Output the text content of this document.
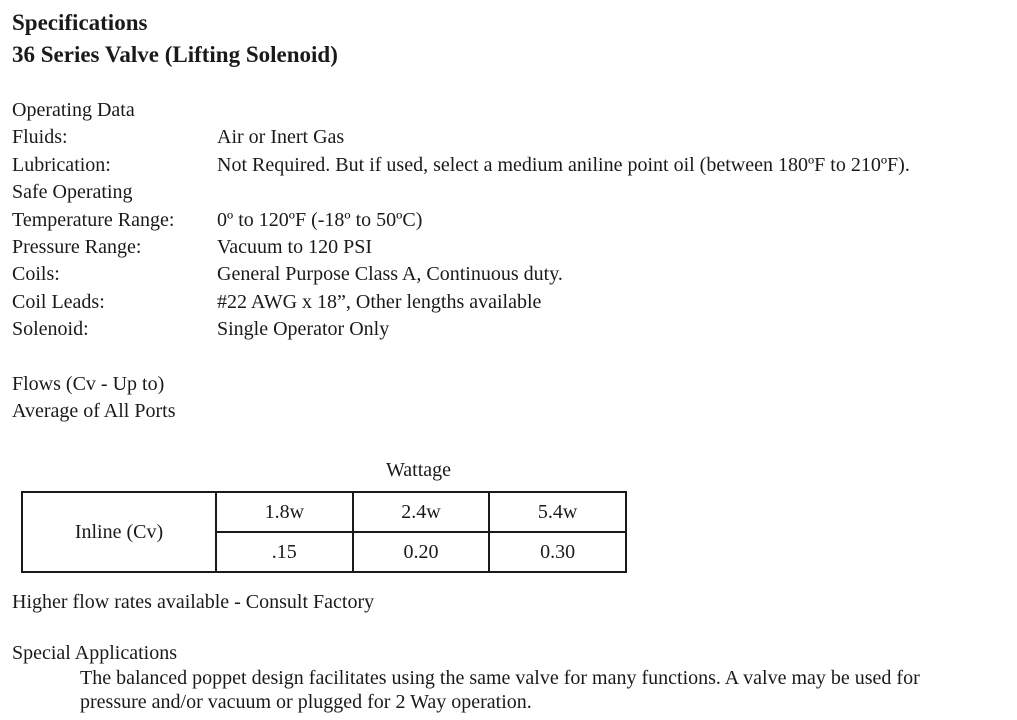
Specifications
36 Series Valve (Lifting Solenoid)
Operating Data
Fluids:	Air or Inert Gas
Lubrication:	Not Required. But if used, select a medium aniline point oil (between 180ºF to 210ºF).
Safe Operating
Temperature Range: 0º to 120ºF (-18º to 50ºC)
Pressure Range:	Vacuum to 120 PSI
Coils:	General Purpose Class A, Continuous duty.
Coil Leads:	#22 AWG x 18”, Other lengths available
Solenoid:	Single Operator Only
Flows (Cv - Up to)
Average of All Ports
Wattage
Inline (Cv)	1.8w	2.4w	5.4w
	.15	0.20	0.30
Higher flow rates available - Consult Factory
Special Applications
The balanced poppet design facilitates using the same valve for many functions. A valve may be used for
pressure and/or vacuum or plugged for 2 Way operation.
